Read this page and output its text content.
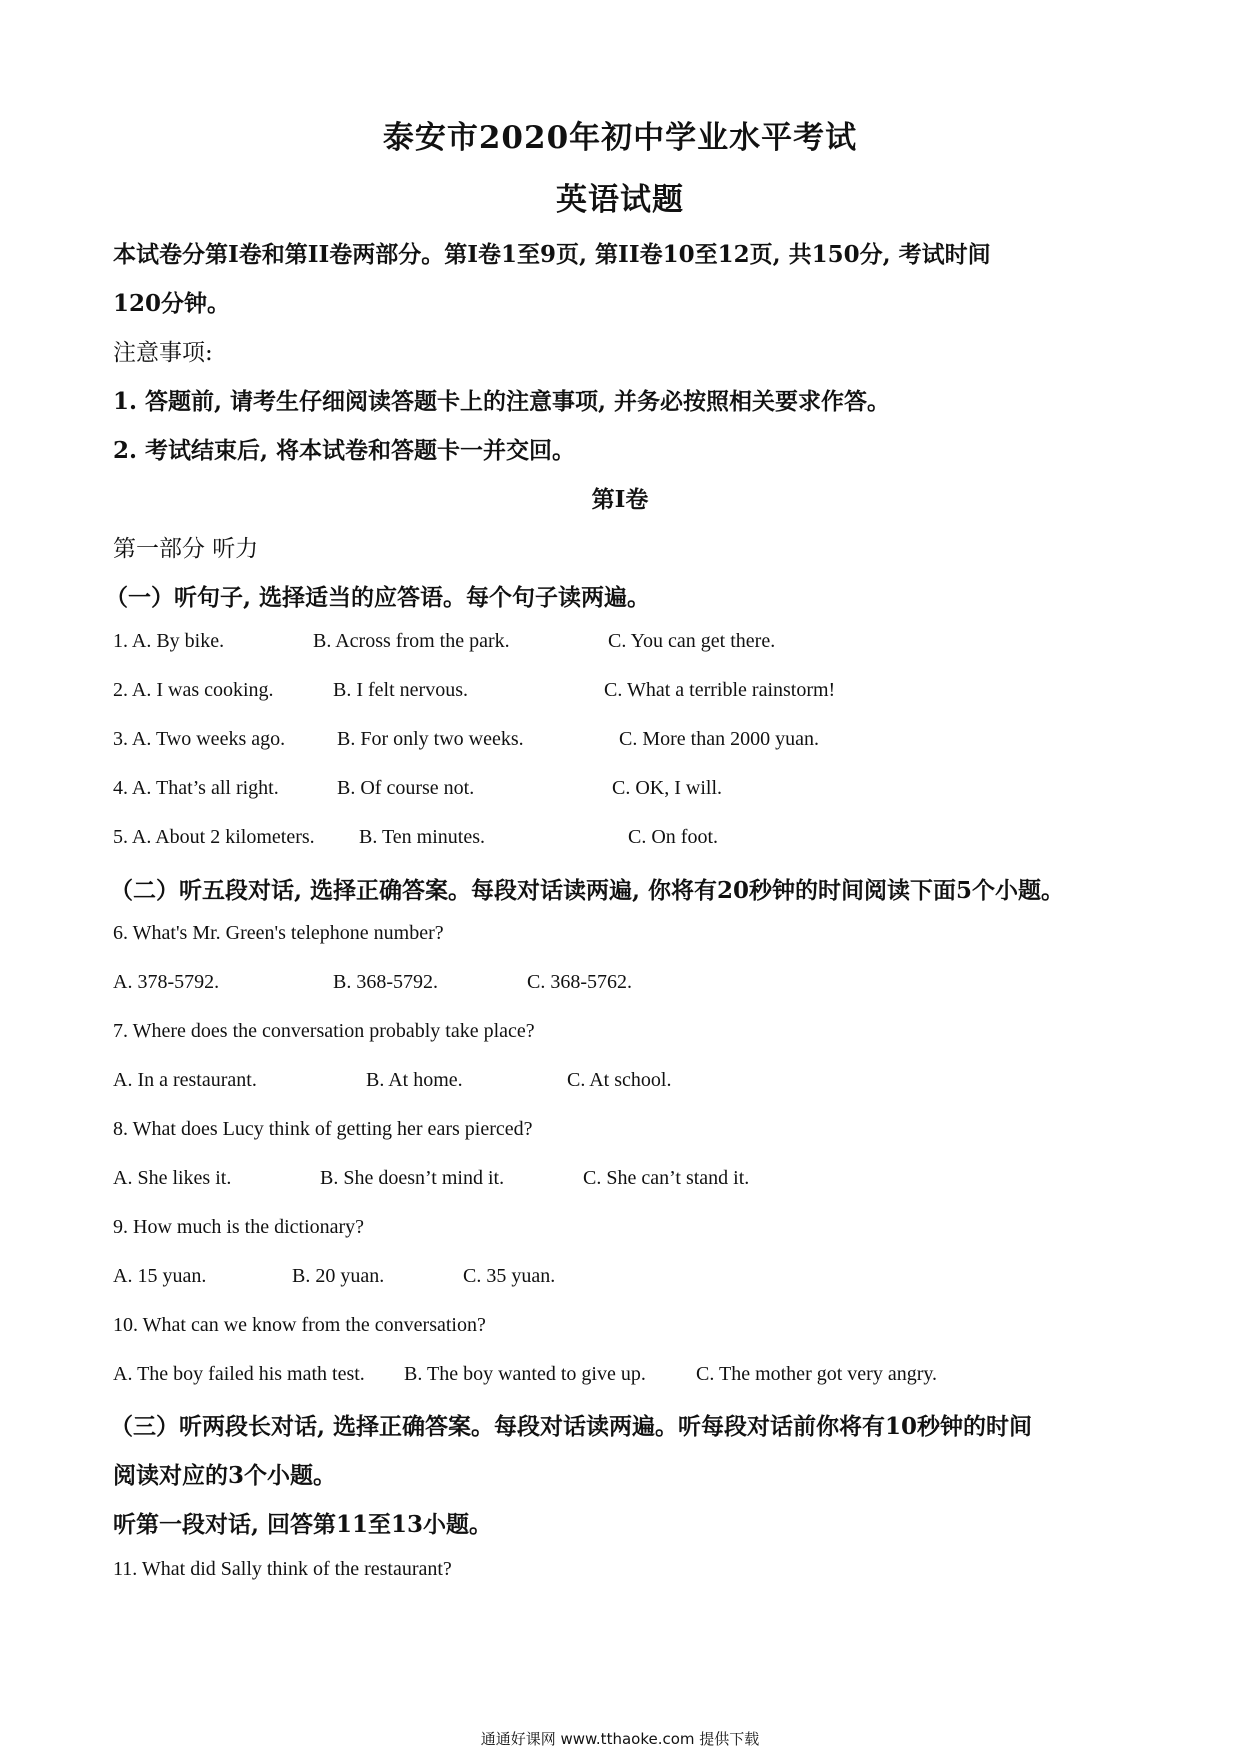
泰安市2020年初中学业水平考试
英语试题
本试卷分第I卷和第II卷两部分。第I卷1至9页, 第II卷10至12页, 共150分, 考试时间
120分钟。
注意事项:
1. 答题前, 请考生仔细阅读答题卡上的注意事项, 并务必按照相关要求作答。
2. 考试结束后, 将本试卷和答题卡一并交回。
第I卷
第一部分 听力
（一）听句子, 选择适当的应答语。每个句子读两遍。
1. A. By bike.	B. Across from the park.	C. You can get there.
2. A. I was cooking.	B. I felt nervous.	C. What a terrible rainstorm!
3. A. Two weeks ago.	B. For only two weeks.	C. More than 2000 yuan.
4. A. That’s all right.	B. Of course not.	C. OK, I will.
5. A. About 2 kilometers. B. Ten minutes.	C. On foot.
（二）听五段对话, 选择正确答案。每段对话读两遍, 你将有20秒钟的时间阅读下面5个小题。
6. What's Mr. Green's telephone number?
A. 378-5792.	B. 368-5792.	C. 368-5762.
7. Where does the conversation probably take place?
A. In a restaurant.	B. At home.	C. At school.
8. What does Lucy think of getting her ears pierced?
A. She likes it.	B. She doesn’t mind it.	C. She can’t stand it.
9. How much is the dictionary?
A. 15 yuan.	B. 20 yuan.	C. 35 yuan.
10. What can we know from the conversation?
A. The boy failed his math test. B. The boy wanted to give up.	C. The mother got very angry.
（三）听两段长对话, 选择正确答案。每段对话读两遍。听每段对话前你将有10秒钟的时间
阅读对应的3个小题。
听第一段对话, 回答第11至13小题。
11. What did Sally think of the restaurant?
通通好课网 www.tthaoke.com 提供下载
